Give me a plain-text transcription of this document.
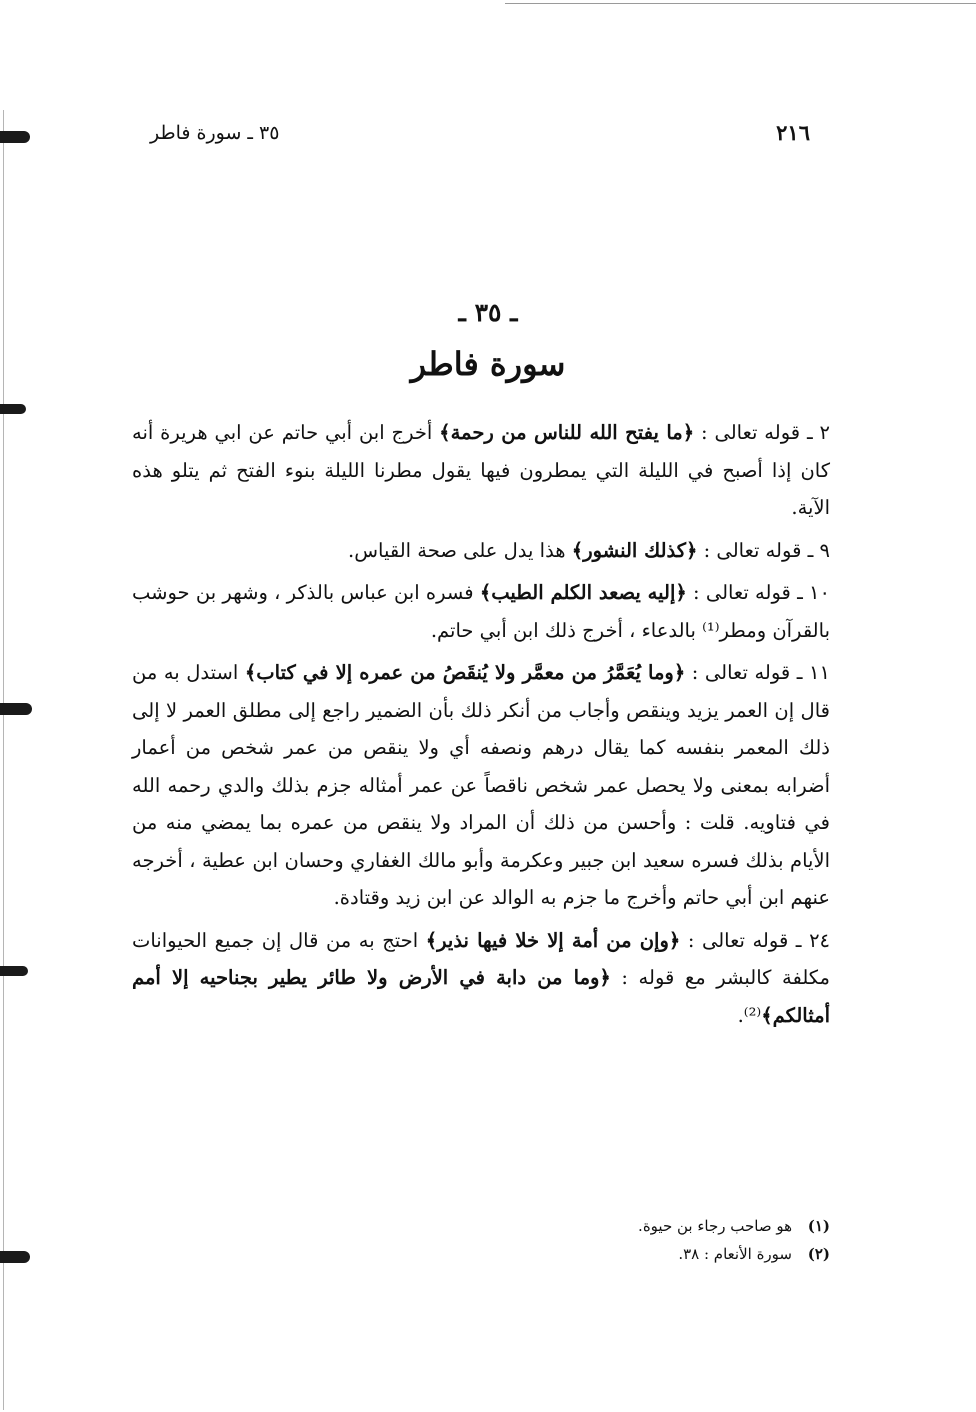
٣٥ ـ سورة فاطر	٢١٦
ـ ٣٥ ـ
سورة فاطر

٢ ـ قوله تعالى : ﴿ما يفتح الله للناس من رحمة﴾ أخرج ابن أبي حاتم عن ابي هريرة أنه كان إذا أصبح في الليلة التي يمطرون فيها يقول مطرنا الليلة بنوء الفتح ثم يتلو هذه الآية.

٩ ـ قوله تعالى : ﴿كذلك النشور﴾ هذا يدل على صحة القياس.

١٠ ـ قوله تعالى : ﴿إليه يصعد الكلم الطيب﴾ فسره ابن عباس بالذكر ، وشهر بن حوشب بالقرآن ومطر⁽¹⁾ بالدعاء ، أخرج ذلك ابن أبي حاتم.

١١ ـ قوله تعالى : ﴿وما يُعَمَّرُ من معمَّر ولا يُنقَصُ من عمره إلا في كتاب﴾ استدل به من قال إن العمر يزيد وينقص وأجاب من أنكر ذلك بأن الضمير راجع إلى مطلق العمر لا إلى ذلك المعمر بنفسه كما يقال درهم ونصفه أي ولا ينقص من عمر شخص من أعمار أضرابه بمعنى ولا يحصل عمر شخص ناقصاً عن عمر أمثاله جزم بذلك والدي رحمه الله في فتاويه. قلت : وأحسن من ذلك أن المراد ولا ينقص من عمره بما يمضي منه من الأيام بذلك فسره سعيد ابن جبير وعكرمة وأبو مالك الغفاري وحسان ابن عطية ، أخرجه عنهم ابن أبي حاتم وأخرج ما جزم به الوالد عن ابن زيد وقتادة.

٢٤ ـ قوله تعالى : ﴿وإن من أمة إلا خلا فيها نذير﴾ احتج به من قال إن جميع الحيوانات مكلفة كالبشر مع قوله : ﴿وما من دابة في الأرض ولا طائر يطير بجناحيه إلا أمم أمثالكم﴾⁽²⁾.

(١)هو صاحب رجاء بن حيوة.
(٢)سورة الأنعام : ٣٨.
